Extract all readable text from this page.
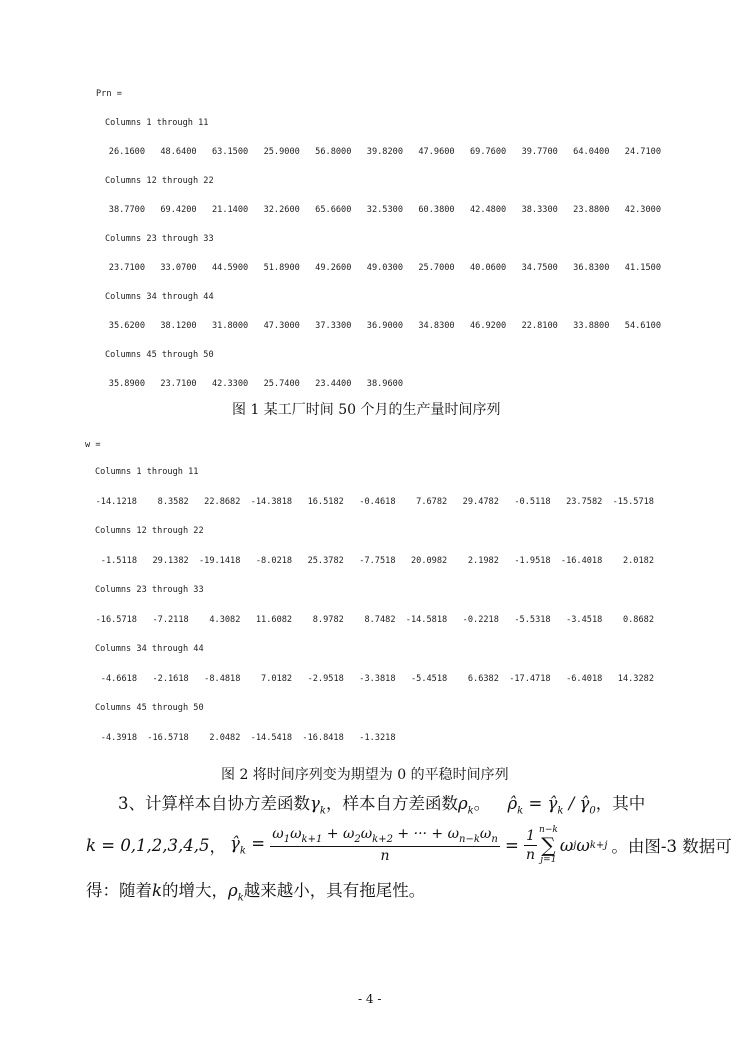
Prn =
Columns 1 through 11
26.1600	48.6400	63.1500	25.9000	56.8000	39.8200	47.9600	69.7600	39.7700	64.0400	24.7100
Columns 12 through 22
38.7700	69.4200	21.1400	32.2600	65.6600	32.5300	60.3800	42.4800	38.3300	23.8800	42.3000
Columns 23 through 33
23.7100	33.0700	44.5900	51.8900	49.2600	49.0300	25.7000	40.0600	34.7500	36.8300	41.1500
Columns 34 through 44
35.6200	38.1200	31.8000	47.3000	37.3300	36.9000	34.8300	46.9200	22.8100	33.8800	54.6100
Columns 45 through 50
35.8900	23.7100	42.3300	25.7400	23.4400	38.9600
图 1 某工厂时间 50 个月的生产量时间序列
w =
Columns 1 through 11
-14.1218	8.3582	22.8682	-14.3818	16.5182	-0.4618	7.6782	29.4782	-0.5118	23.7582	-15.5718
Columns 12 through 22
-1.5118	29.1382	-19.1418	-8.0218	25.3782	-7.7518	20.0982	2.1982	-1.9518	-16.4018	2.0182
Columns 23 through 33
-16.5718	-7.2118	4.3082	11.6082	8.9782	8.7482	-14.5818	-0.2218	-5.5318	-3.4518	0.8682
Columns 34 through 44
-4.6618	-2.1618	-8.4818	7.0182	-2.9518	-3.3818	-5.4518	6.6382	-17.4718	-6.4018	14.3282
Columns 45 through 50
-4.3918	-16.5718	2.0482	-14.5418	-16.8418	-1.3218
图 2 将时间序列变为期望为 0 的平稳时间序列
3、计算样本自协方差函数$\gamma_k$，样本自方差函数$\rho_k$。 $\rhô_k$ = $\gammâ_k$ / $\gammâ_0$，其中
k = 0,1,2,3,4,5 ， $\gammâ_k = \frac{\omega_1\omega_{k+1} + \omega_2\omega_{k+2} + \cdot\cdot\cdot + \omega_{n-k}\omega_n}{n} = \frac{1}{n} n-k$
∑
j=1
ω j ω k+j 。由图-3 数据可
得：随着k的增大，$\rho_k$越来越小，具有拖尾性。
- 4 -
